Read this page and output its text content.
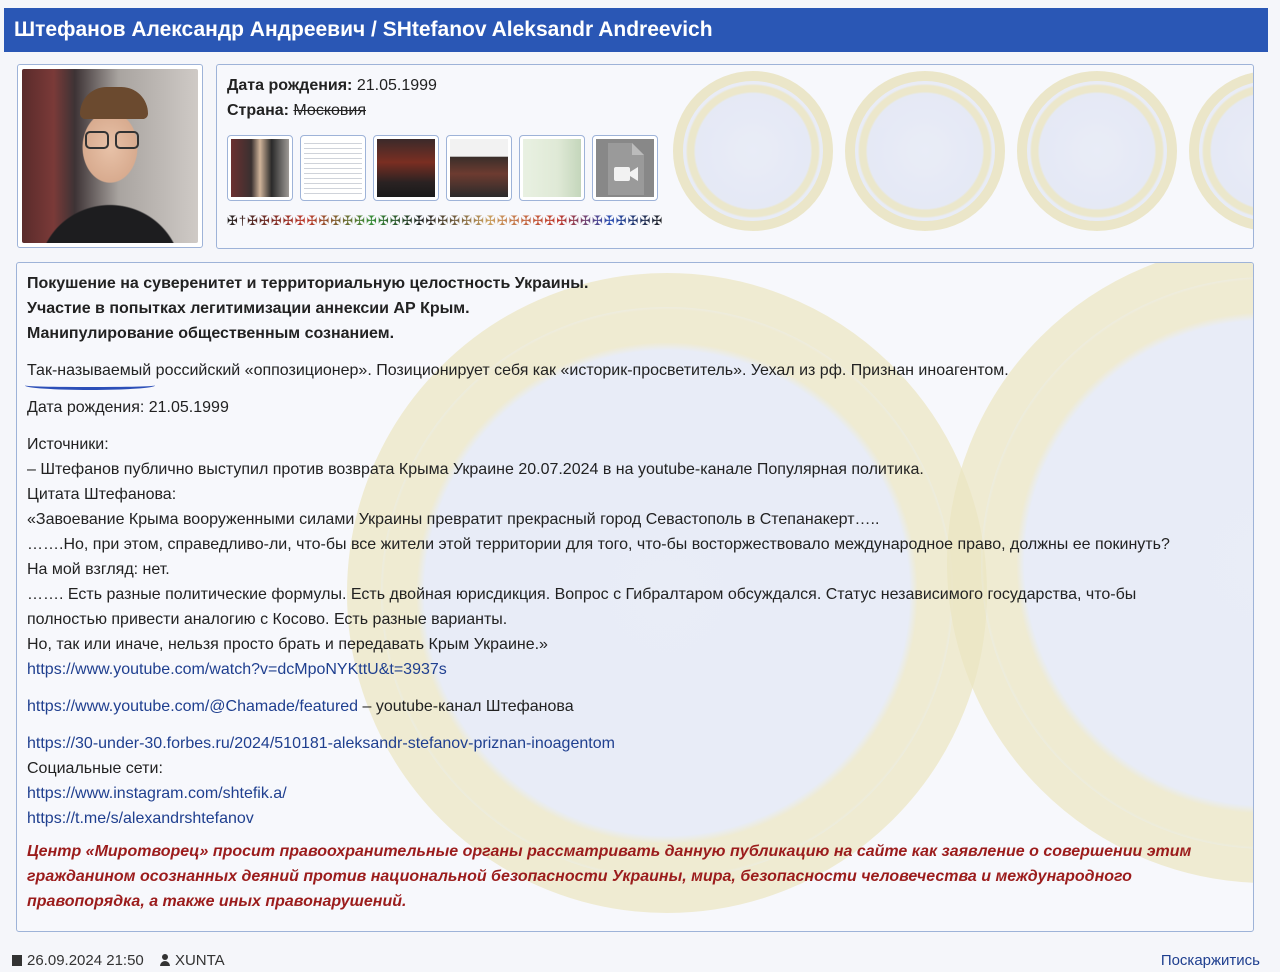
Штефанов Александр Андреевич / SHtefanov Aleksandr Andreevich
Дата рождения: 21.05.1999
Страна: Московия
✠†✠✠✠✠✠✠✠✠✠✠✠✠✠✠✠✠✠✠✠✠✠✠✠✠✠✠✠✠✠✠✠✠✠✠✠
Покушение на суверенитет и территориальную целостность Украины.
Участие в попытках легитимизации аннексии АР Крым.
Манипулирование общественным сознанием.
Так-называемый российский «оппозиционер». Позиционирует себя как «историк-просветитель». Уехал из рф. Признан иноагентом.
Дата рождения: 21.05.1999
Источники:
– Штефанов публично выступил против возврата Крыма Украине 20.07.2024 в на youtube-канале Популярная политика.
Цитата Штефанова:
«Завоевание Крыма вооруженными силами Украины превратит прекрасный город Севастополь в Степанакерт…..
…….Но, при этом, справедливо-ли, что-бы все жители этой территории для того, что-бы восторжествовало международное право, должны ее покинуть?
На мой взгляд: нет.
……. Есть разные политические формулы. Есть двойная юрисдикция. Вопрос с Гибралтаром обсуждался. Статус независимого государства, что-бы
полностью привести аналогию с Косово. Есть разные варианты.
Но, так или иначе, нельзя просто брать и передавать Крым Украине.»
https://www.youtube.com/watch?v=dcMpoNYKttU&t=3937s
https://www.youtube.com/@Chamade/featured – youtube-канал Штефанова
https://30-under-30.forbes.ru/2024/510181-aleksandr-stefanov-priznan-inoagentom
Социальные сети:
https://www.instagram.com/shtefik.a/
https://t.me/s/alexandrshtefanov
Центр «Миротворец» просит правоохранительные органы рассматривать данную публикацию на сайте как заявление о совершении этим гражданином осознанных деяний против национальной безопасности Украины, мира, безопасности человечества и международного правопорядка, а также иных правонарушений.
26.09.2024 21:50 XUNTA	Поскаржитись
